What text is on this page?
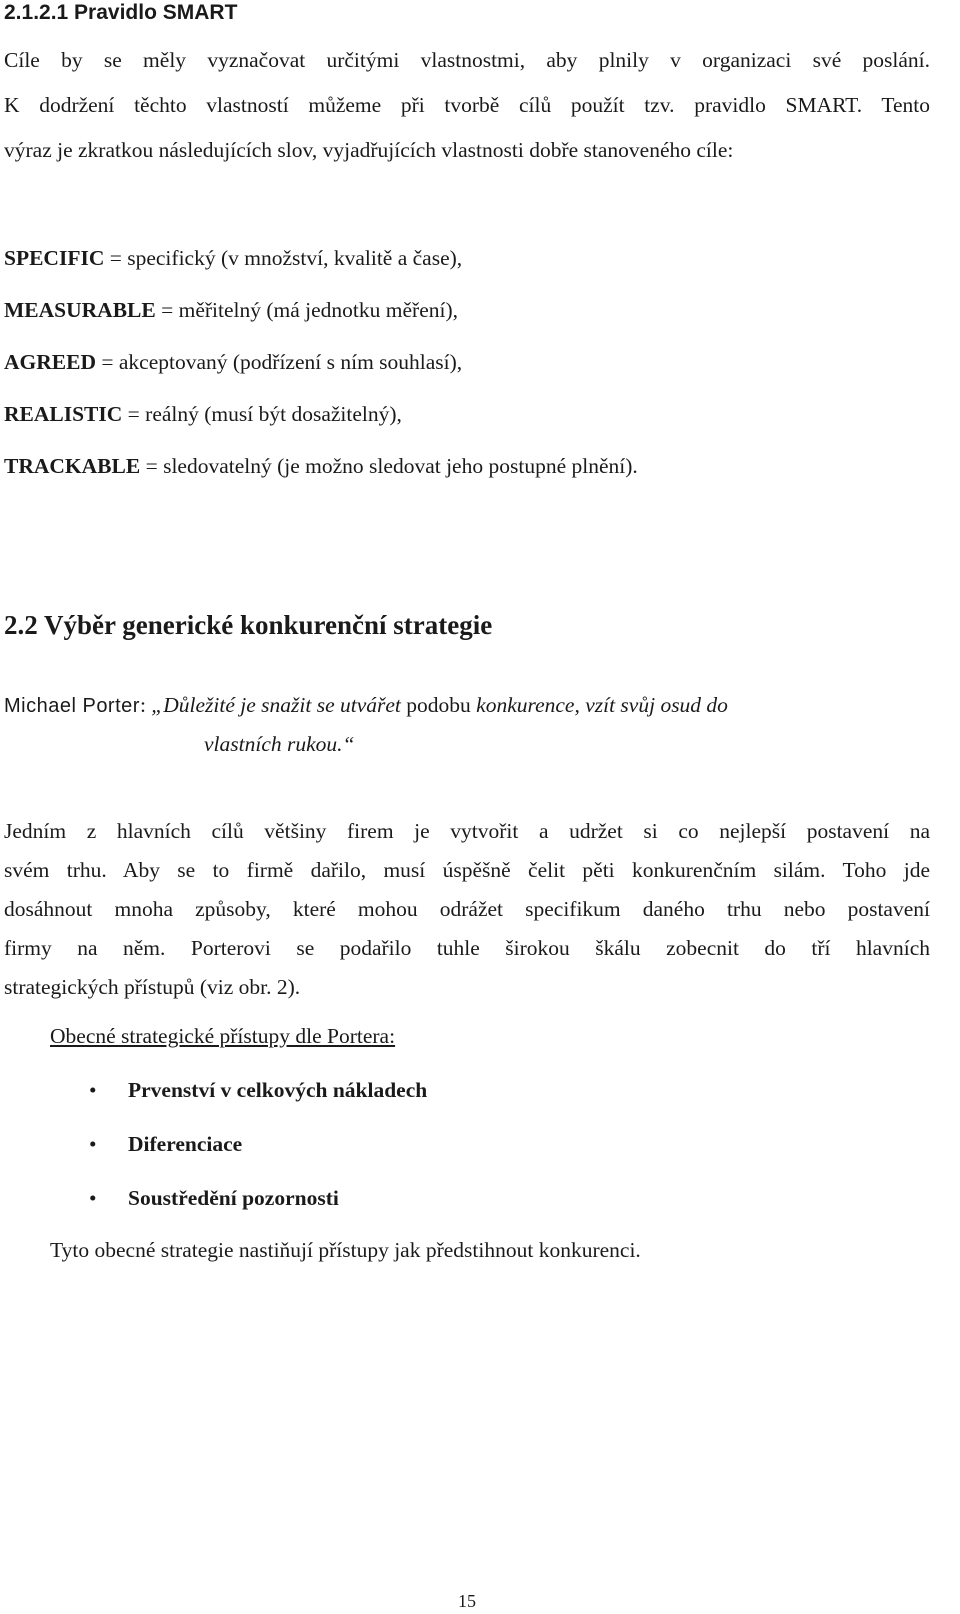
2.1.2.1 Pravidlo SMART
Cíle by se měly vyznačovat určitými vlastnostmi, aby plnily v organizaci své poslání.
K dodržení těchto vlastností můžeme při tvorbě cílů použít tzv. pravidlo SMART. Tento
výraz je zkratkou následujících slov, vyjadřujících vlastnosti dobře stanoveného cíle:
SPECIFIC = specifický (v množství, kvalitě a čase),
MEASURABLE = měřitelný (má jednotku měření),
AGREED = akceptovaný (podřízení s ním souhlasí),
REALISTIC = reálný (musí být dosažitelný),
TRACKABLE = sledovatelný (je možno sledovat jeho postupné plnění).
2.2 Výběr generické konkurenční strategie
Michael Porter: „Důležité je snažit se utvářet podobu konkurence, vzít svůj osud do
vlastních rukou.“
Jedním z hlavních cílů většiny firem je vytvořit a udržet si co nejlepší postavení na
svém trhu. Aby se to firmě dařilo, musí úspěšně čelit pěti konkurenčním silám. Toho jde
dosáhnout mnoha způsoby, které mohou odrážet specifikum daného trhu nebo postavení
firmy na něm. Porterovi se podařilo tuhle širokou škálu zobecnit do tří hlavních
strategických přístupů (viz obr. 2).
Obecné strategické přístupy dle Portera:
• Prvenství v celkových nákladech
• Diferenciace
• Soustředění pozornosti
Tyto obecné strategie nastiňují přístupy jak předstihnout konkurenci.
15
